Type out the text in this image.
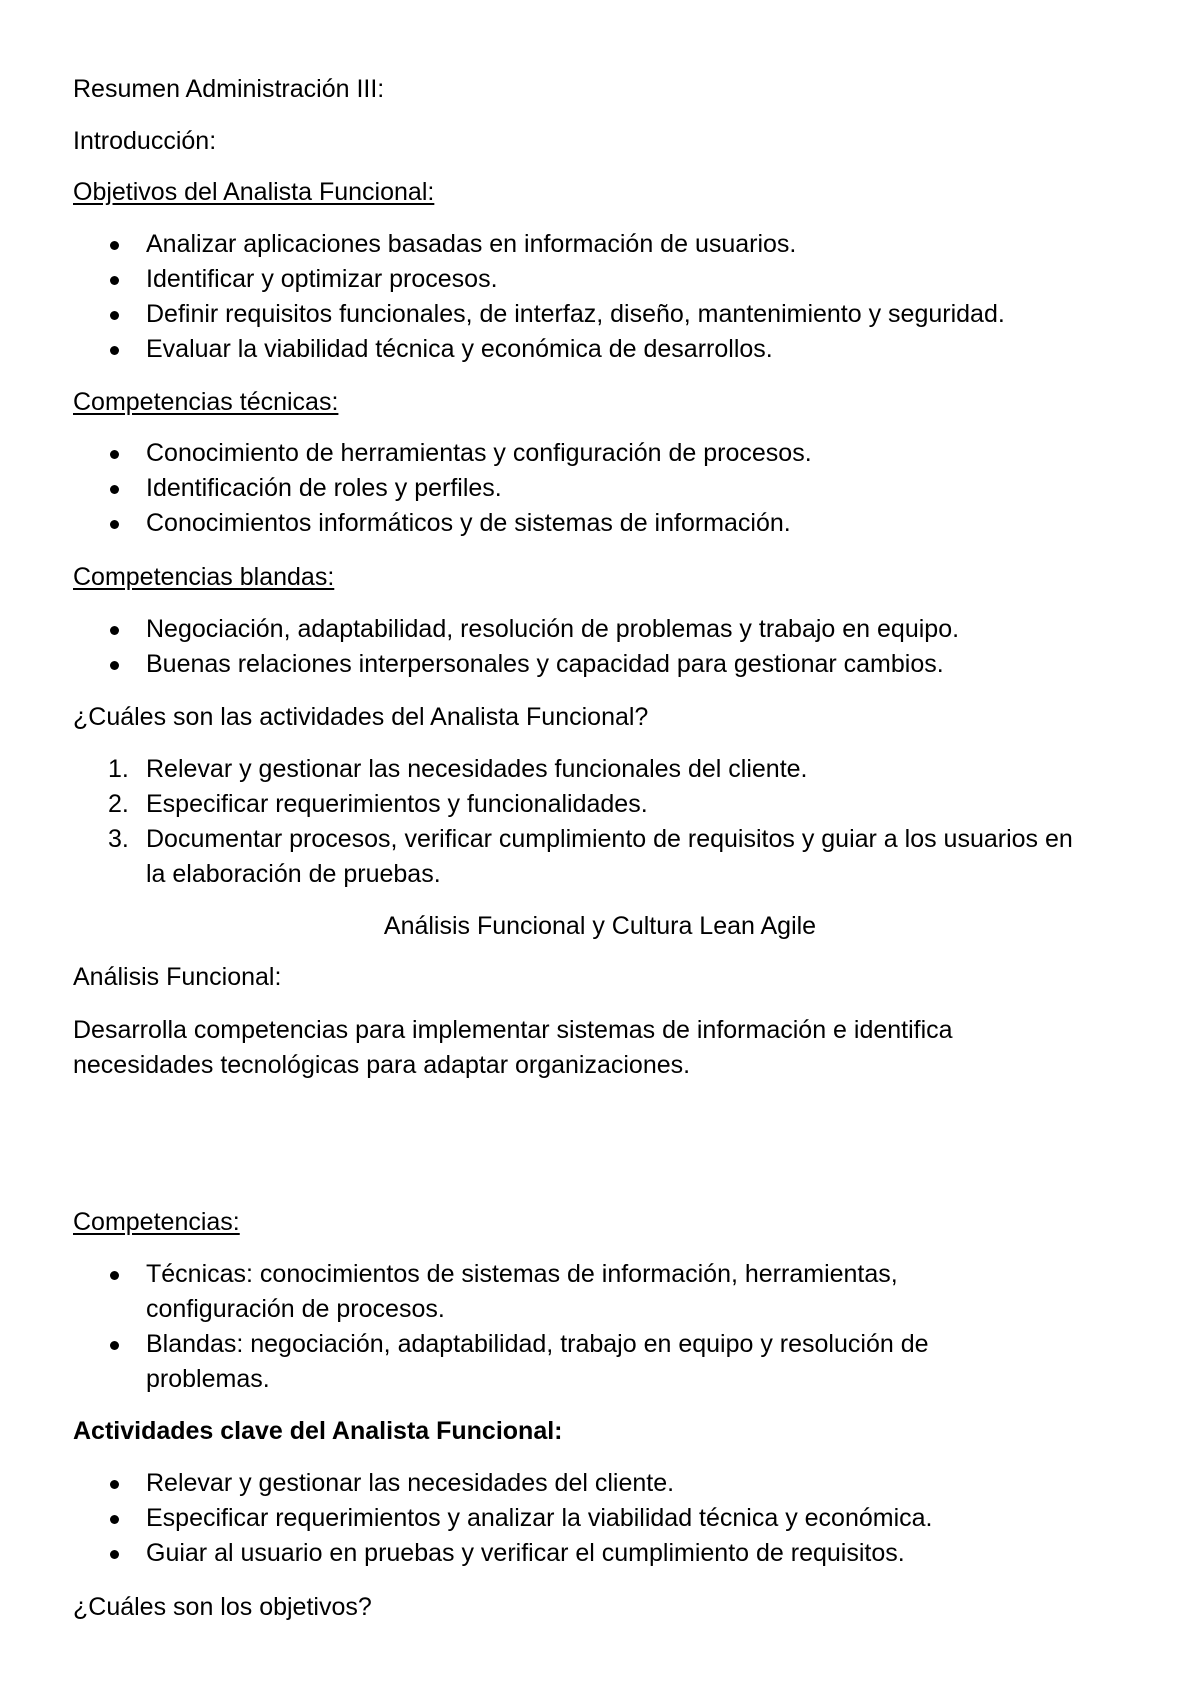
Resumen Administración III:
Introducción:
Objetivos del Analista Funcional:
Analizar aplicaciones basadas en información de usuarios.
Identificar y optimizar procesos.
Definir requisitos funcionales, de interfaz, diseño, mantenimiento y seguridad.
Evaluar la viabilidad técnica y económica de desarrollos.
Competencias técnicas:
Conocimiento de herramientas y configuración de procesos.
Identificación de roles y perfiles.
Conocimientos informáticos y de sistemas de información.
Competencias blandas:
Negociación, adaptabilidad, resolución de problemas y trabajo en equipo.
Buenas relaciones interpersonales y capacidad para gestionar cambios.
¿Cuáles son las actividades del Analista Funcional?
1. Relevar y gestionar las necesidades funcionales del cliente.
2. Especificar requerimientos y funcionalidades.
3. Documentar procesos, verificar cumplimiento de requisitos y guiar a los usuarios en la elaboración de pruebas.
Análisis Funcional y Cultura Lean Agile
Análisis Funcional:
Desarrolla competencias para implementar sistemas de información e identifica
necesidades tecnológicas para adaptar organizaciones.
Competencias:
Técnicas: conocimientos de sistemas de información, herramientas, configuración de procesos.
Blandas: negociación, adaptabilidad, trabajo en equipo y resolución de problemas.
Actividades clave del Analista Funcional:
Relevar y gestionar las necesidades del cliente.
Especificar requerimientos y analizar la viabilidad técnica y económica.
Guiar al usuario en pruebas y verificar el cumplimiento de requisitos.
¿Cuáles son los objetivos?
